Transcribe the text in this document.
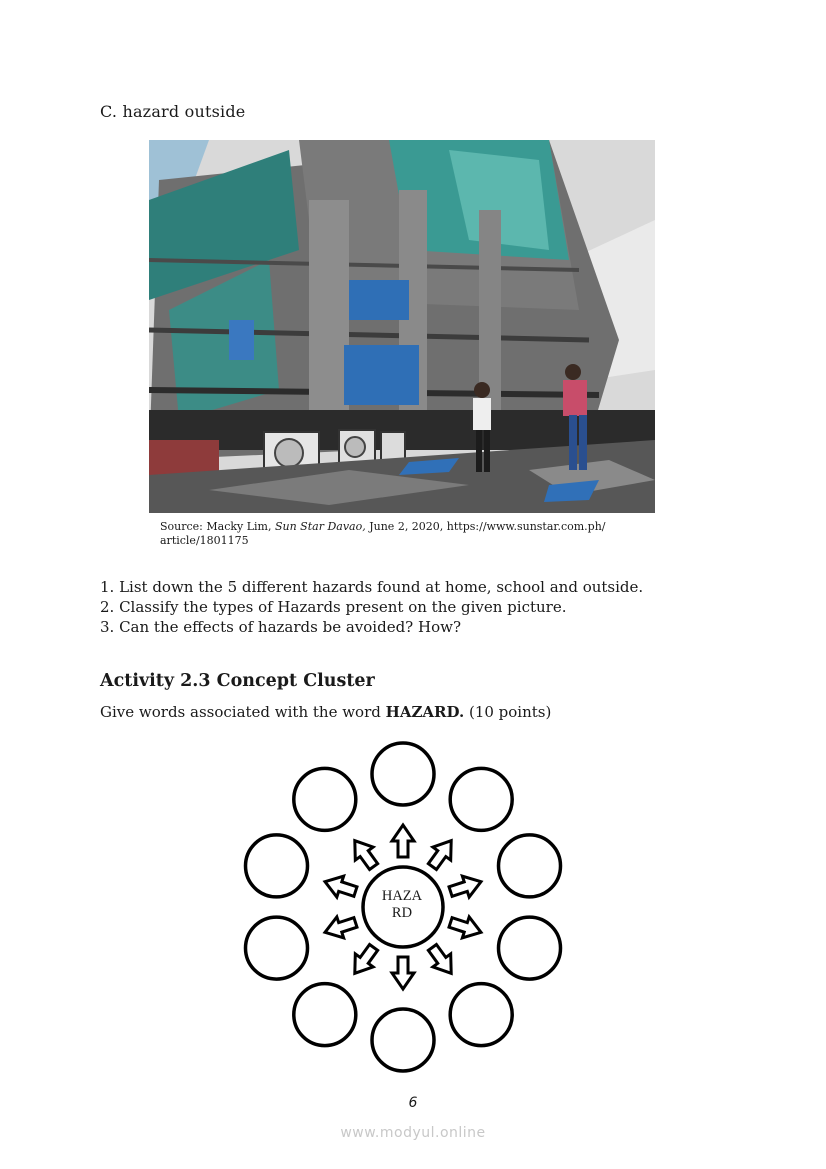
C. hazard outside
Source: Macky Lim, Sun Star Davao, June 2, 2020, https://www.sunstar.com.ph/
article/1801175
1. List down the 5 different hazards found at home, school and outside.
2. Classify the types of Hazards present on the given picture.
3. Can the effects of hazards be avoided? How?
Activity 2.3 Concept Cluster
Give words associated with the word HAZARD. (10 points)
HAZA
RD
6
www.modyul.online
